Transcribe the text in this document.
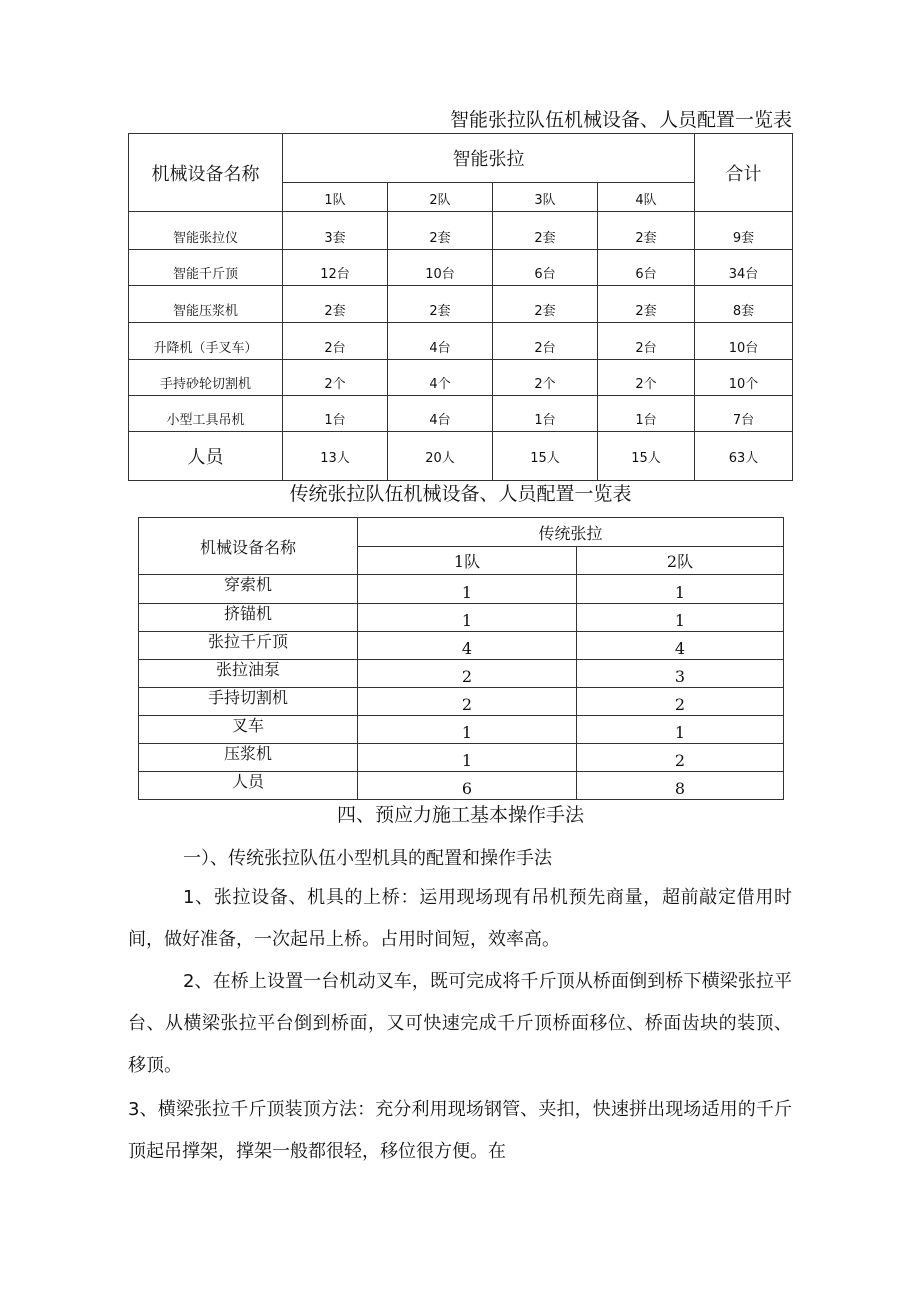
智能张拉队伍机械设备、人员配置一览表
机械设备名称	智能张拉				合计
	1队	2队	3队	4队	
智能张拉仪	3套	2套	2套	2套	9套
智能千斤顶	12台	10台	6台	6台	34台
智能压浆机	2套	2套	2套	2套	8套
升降机（手叉车）	2台	4台	2台	2台	10台
手持砂轮切割机	2个	4个	2个	2个	10个
小型工具吊机	1台	4台	1台	1台	7台
人员	13人	20人	15人	15人	63人
传统张拉队伍机械设备、人员配置一览表
机械设备名称	传统张拉	
	1队	2队
穿索机	1	1
挤锚机	1	1
张拉千斤顶	4	4
张拉油泵	2	3
手持切割机	2	2
叉车	1	1
压浆机	1	2
人员	6	8
四、预应力施工基本操作手法

一）、传统张拉队伍小型机具的配置和操作手法

1、张拉设备、机具的上桥：运用现场现有吊机预先商量，超前敲定借用时间，做好准备，一次起吊上桥。占用时间短，效率高。

2、在桥上设置一台机动叉车，既可完成将千斤顶从桥面倒到桥下横梁张拉平台、从横梁张拉平台倒到桥面，又可快速完成千斤顶桥面移位、桥面齿块的装顶、移顶。

3、横梁张拉千斤顶装顶方法：充分利用现场钢管、夹扣，快速拼出现场适用的千斤顶起吊撑架，撑架一般都很轻，移位很方便。在
